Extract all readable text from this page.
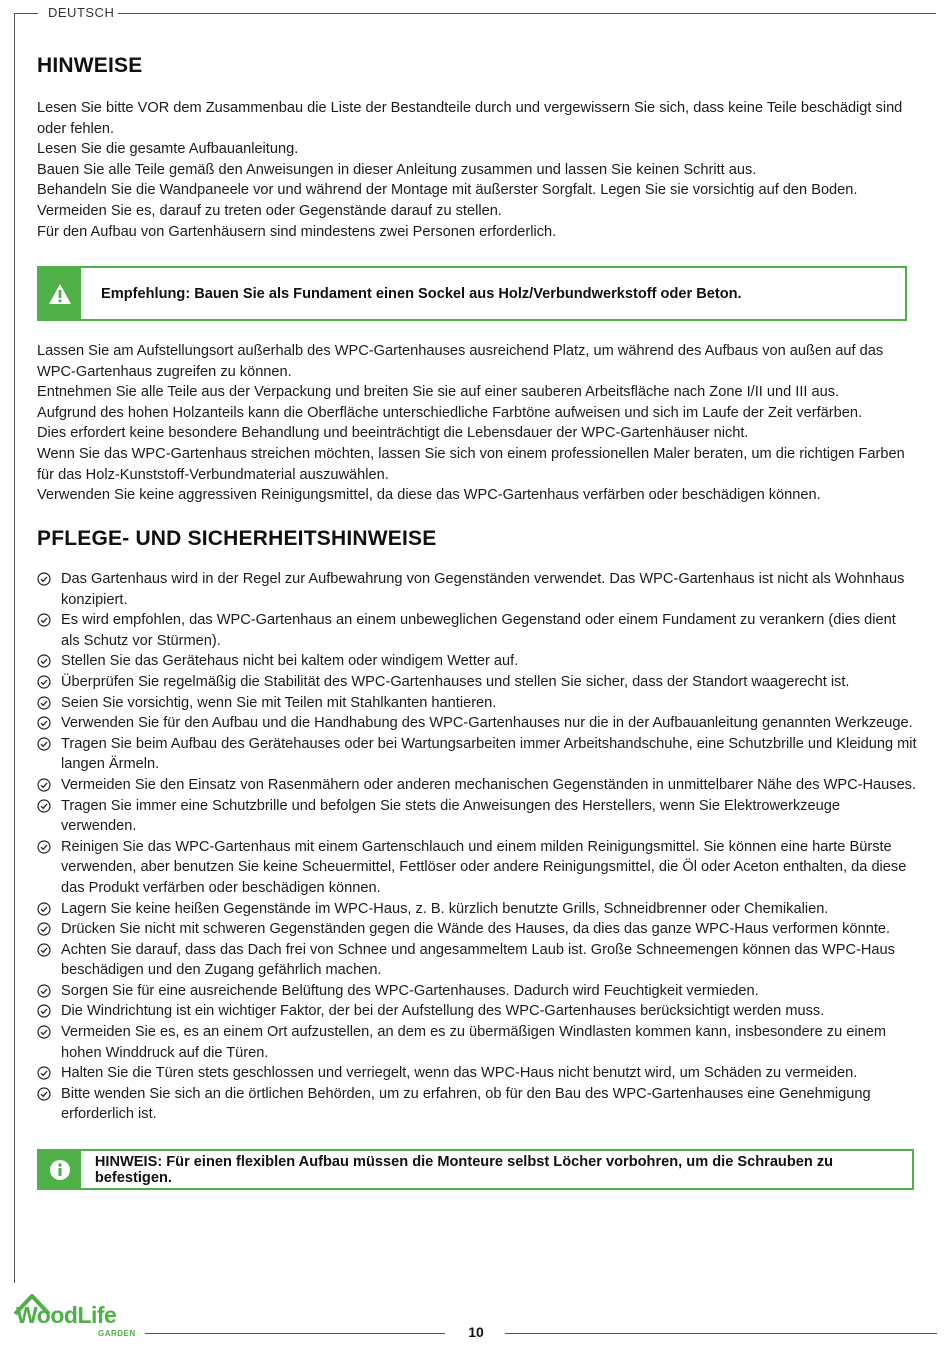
DEUTSCH
HINWEISE

Lesen Sie bitte VOR dem Zusammenbau die Liste der Bestandteile durch und vergewissern Sie sich, dass keine Teile beschädigt sind oder fehlen.

Lesen Sie die gesamte Aufbauanleitung.

Bauen Sie alle Teile gemäß den Anweisungen in dieser Anleitung zusammen und lassen Sie keinen Schritt aus.

Behandeln Sie die Wandpaneele vor und während der Montage mit äußerster Sorgfalt. Legen Sie sie vorsichtig auf den Boden.

Vermeiden Sie es, darauf zu treten oder Gegenstände darauf zu stellen.

Für den Aufbau von Gartenhäusern sind mindestens zwei Personen erforderlich.

Empfehlung: Bauen Sie als Fundament einen Sockel aus Holz/Verbundwerkstoff oder Beton.

Lassen Sie am Aufstellungsort außerhalb des WPC-Gartenhauses ausreichend Platz, um während des Aufbaus von außen auf das WPC-Gartenhaus zugreifen zu können.

Entnehmen Sie alle Teile aus der Verpackung und breiten Sie sie auf einer sauberen Arbeitsfläche nach Zone I/II und III aus.

Aufgrund des hohen Holzanteils kann die Oberfläche unterschiedliche Farbtöne aufweisen und sich im Laufe der Zeit verfärben.

Dies erfordert keine besondere Behandlung und beeinträchtigt die Lebensdauer der WPC-Gartenhäuser nicht.

Wenn Sie das WPC-Gartenhaus streichen möchten, lassen Sie sich von einem professionellen Maler beraten, um die richtigen Farben für das Holz-Kunststoff-Verbundmaterial auszuwählen.

Verwenden Sie keine aggressiven Reinigungsmittel, da diese das WPC-Gartenhaus verfärben oder beschädigen können.

PFLEGE- UND SICHERHEITSHINWEISE
Das Gartenhaus wird in der Regel zur Aufbewahrung von Gegenständen verwendet. Das WPC-Gartenhaus ist nicht als Wohnhaus konzipiert.
Es wird empfohlen, das WPC-Gartenhaus an einem unbeweglichen Gegenstand oder einem Fundament zu verankern (dies dient als Schutz vor Stürmen).
Stellen Sie das Gerätehaus nicht bei kaltem oder windigem Wetter auf.
Überprüfen Sie regelmäßig die Stabilität des WPC-Gartenhauses und stellen Sie sicher, dass der Standort waagerecht ist.
Seien Sie vorsichtig, wenn Sie mit Teilen mit Stahlkanten hantieren.
Verwenden Sie für den Aufbau und die Handhabung des WPC-Gartenhauses nur die in der Aufbauanleitung genannten Werkzeuge.
Tragen Sie beim Aufbau des Gerätehauses oder bei Wartungsarbeiten immer Arbeitshandschuhe, eine Schutzbrille und Kleidung mit langen Ärmeln.
Vermeiden Sie den Einsatz von Rasenmähern oder anderen mechanischen Gegenständen in unmittelbarer Nähe des WPC-Hauses.
Tragen Sie immer eine Schutzbrille und befolgen Sie stets die Anweisungen des Herstellers, wenn Sie Elektrowerkzeuge verwenden.
Reinigen Sie das WPC-Gartenhaus mit einem Gartenschlauch und einem milden Reinigungsmittel. Sie können eine harte Bürste verwenden, aber benutzen Sie keine Scheuermittel, Fettlöser oder andere Reinigungsmittel, die Öl oder Aceton enthalten, da diese das Produkt verfärben oder beschädigen können.
Lagern Sie keine heißen Gegenstände im WPC-Haus, z. B. kürzlich benutzte Grills, Schneidbrenner oder Chemikalien.
Drücken Sie nicht mit schweren Gegenständen gegen die Wände des Hauses, da dies das ganze WPC-Haus verformen könnte.
Achten Sie darauf, dass das Dach frei von Schnee und angesammeltem Laub ist. Große Schneemengen können das WPC-Haus beschädigen und den Zugang gefährlich machen.
Sorgen Sie für eine ausreichende Belüftung des WPC-Gartenhauses. Dadurch wird Feuchtigkeit vermieden.
Die Windrichtung ist ein wichtiger Faktor, der bei der Aufstellung des WPC-Gartenhauses berücksichtigt werden muss.
Vermeiden Sie es, es an einem Ort aufzustellen, an dem es zu übermäßigen Windlasten kommen kann, insbesondere zu einem hohen Winddruck auf die Türen.
Halten Sie die Türen stets geschlossen und verriegelt, wenn das WPC-Haus nicht benutzt wird, um Schäden zu vermeiden.
Bitte wenden Sie sich an die örtlichen Behörden, um zu erfahren, ob für den Bau des WPC-Gartenhauses eine Genehmigung erforderlich ist.
HINWEIS: Für einen flexiblen Aufbau müssen die Monteure selbst Löcher vorbohren, um die Schrauben zu befestigen.
WoodLife
GARDEN	10
